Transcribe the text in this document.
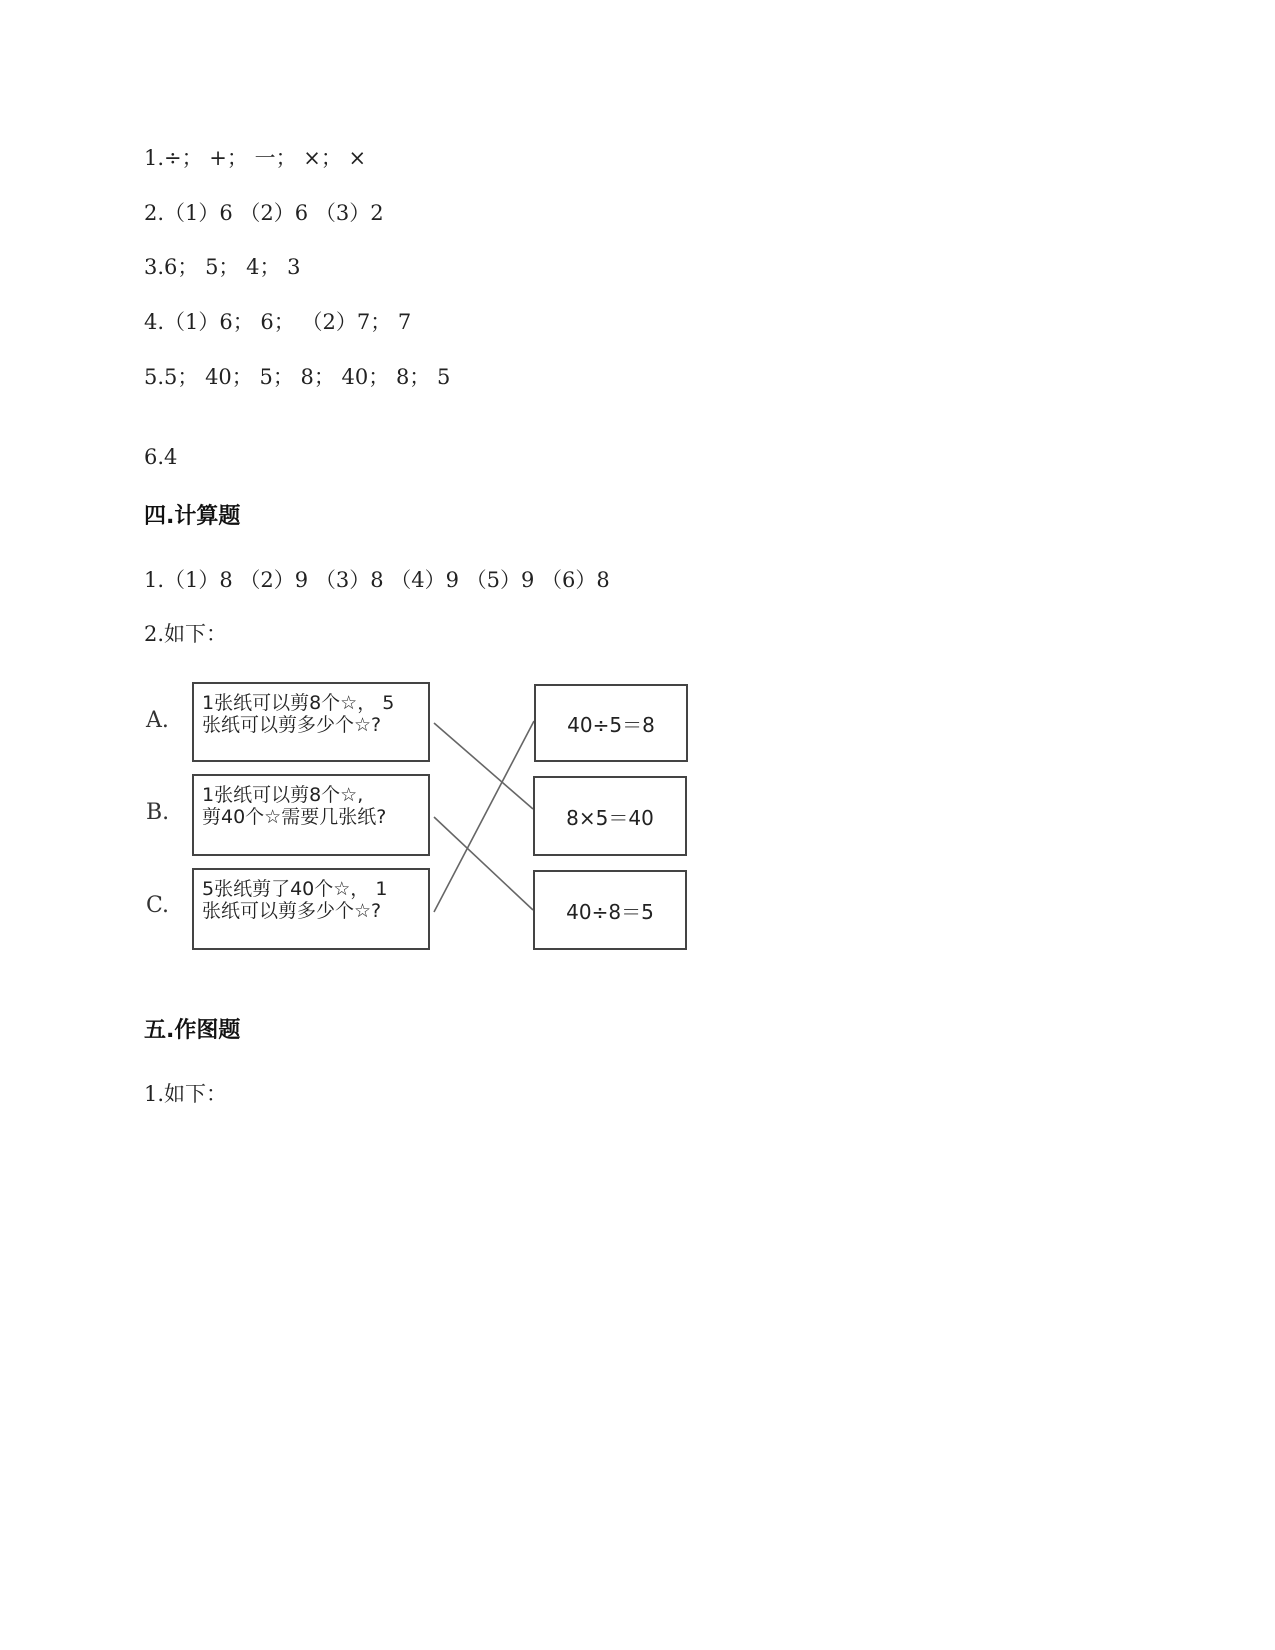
1.÷； +； 一； ×； ×
2.（1）6 （2）6 （3）2
3.6； 5； 4； 3
4.（1）6； 6； （2）7； 7
5.5； 40； 5； 8； 40； 8； 5
6.4
四.计算题
1.（1）8 （2）9 （3）8 （4）9 （5）9 （6）8
2.如下：
A.
B.
C.
1张纸可以剪8个☆， 5
张纸可以剪多少个☆?
1张纸可以剪8个☆,
剪40个☆需要几张纸?
5张纸剪了40个☆， 1
张纸可以剪多少个☆?
40÷5＝8
8×5＝40
40÷8＝5
五.作图题
1.如下：
